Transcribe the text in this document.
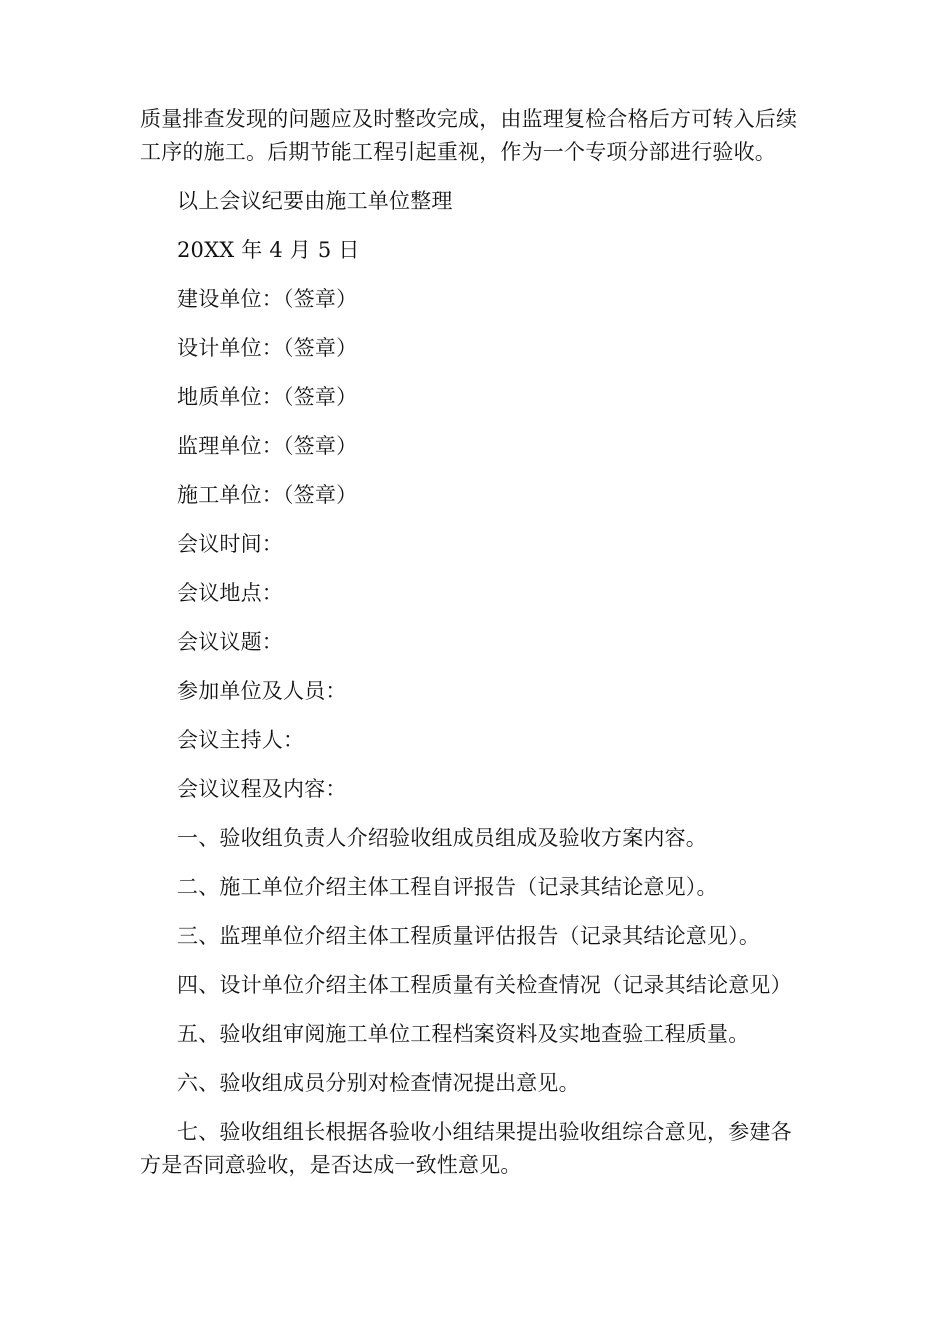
质量排查发现的问题应及时整改完成，由监理复检合格后方可转入后续工序的施工。后期节能工程引起重视，作为一个专项分部进行验收。

以上会议纪要由施工单位整理

20XX 年 4 月 5 日

建设单位：（签章）

设计单位：（签章）

地质单位：（签章）

监理单位：（签章）

施工单位：（签章）

会议时间：

会议地点：

会议议题：

参加单位及人员：

会议主持人：

会议议程及内容：

一、验收组负责人介绍验收组成员组成及验收方案内容。

二、施工单位介绍主体工程自评报告（记录其结论意见）。

三、监理单位介绍主体工程质量评估报告（记录其结论意见）。

四、设计单位介绍主体工程质量有关检查情况（记录其结论意见）

五、验收组审阅施工单位工程档案资料及实地查验工程质量。

六、验收组成员分别对检查情况提出意见。

七、验收组组长根据各验收小组结果提出验收组综合意见，参建各方是否同意验收，是否达成一致性意见。
